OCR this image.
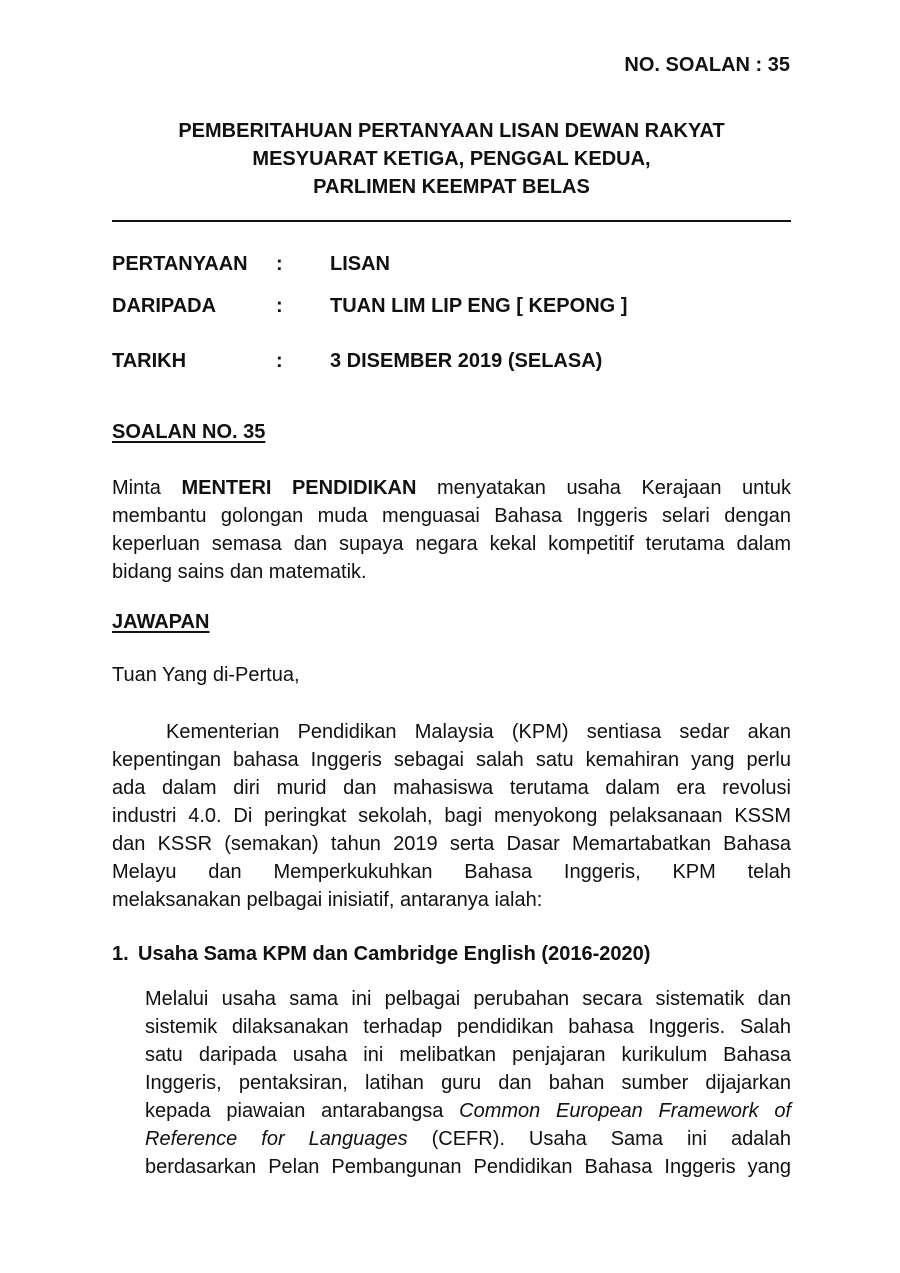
NO. SOALAN : 35
PEMBERITAHUAN PERTANYAAN LISAN DEWAN RAKYAT
MESYUARAT KETIGA, PENGGAL KEDUA,
PARLIMEN KEEMPAT BELAS
PERTANYAAN : LISAN
DARIPADA	: TUAN LIM LIP ENG [ KEPONG ]
TARIKH	: 3 DISEMBER 2019 (SELASA)
SOALAN NO. 35
Minta MENTERI PENDIDIKAN menyatakan usaha Kerajaan untuk
membantu golongan muda menguasai Bahasa Inggeris selari dengan
keperluan semasa dan supaya negara kekal kompetitif terutama dalam
bidang sains dan matematik.
JAWAPAN
Tuan Yang di-Pertua,
Kementerian Pendidikan Malaysia (KPM) sentiasa sedar akan
kepentingan bahasa Inggeris sebagai salah satu kemahiran yang perlu
ada dalam diri murid dan mahasiswa terutama dalam era revolusi
industri 4.0. Di peringkat sekolah, bagi menyokong pelaksanaan KSSM
dan KSSR (semakan) tahun 2019 serta Dasar Memartabatkan Bahasa
Melayu dan Memperkukuhkan Bahasa Inggeris, KPM telah
melaksanakan pelbagai inisiatif, antaranya ialah:
1. Usaha Sama KPM dan Cambridge English (2016-2020)
Melalui usaha sama ini pelbagai perubahan secara sistematik dan
sistemik dilaksanakan terhadap pendidikan bahasa Inggeris. Salah
satu daripada usaha ini melibatkan penjajaran kurikulum Bahasa
Inggeris, pentaksiran, latihan guru dan bahan sumber dijajarkan
kepada piawaian antarabangsa Common European Framework of
Reference for Languages (CEFR). Usaha Sama ini adalah
berdasarkan Pelan Pembangunan Pendidikan Bahasa Inggeris yang
